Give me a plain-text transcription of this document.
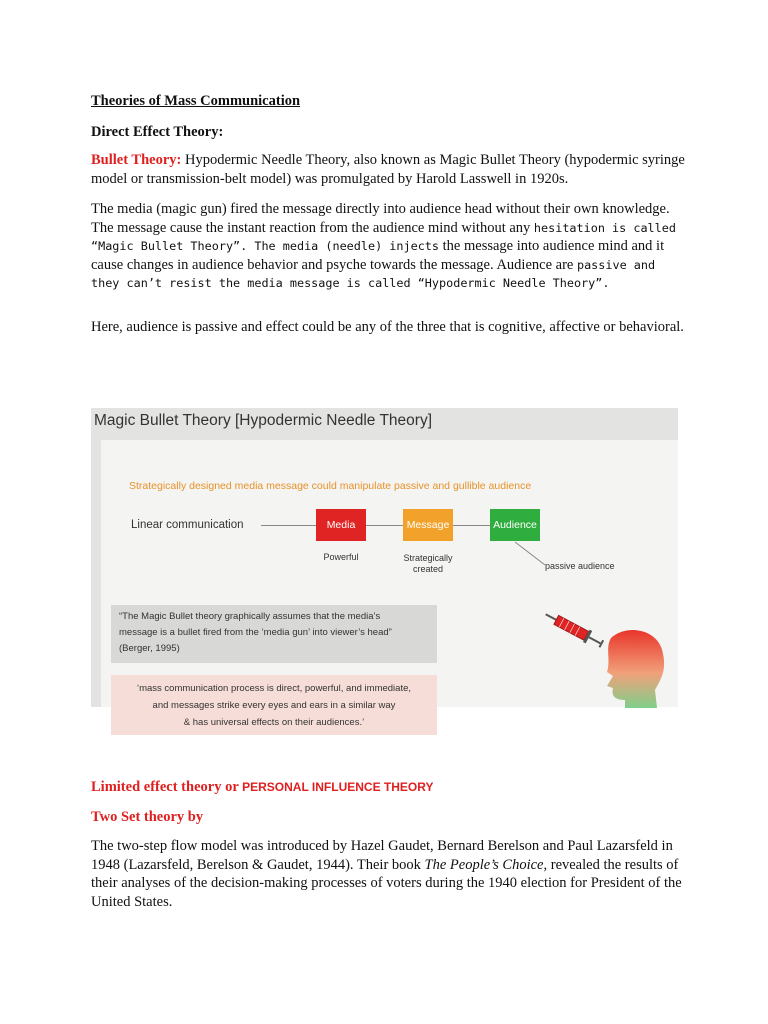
Theories of Mass Communication
Direct Effect Theory:
Bullet Theory: Hypodermic Needle Theory, also known as Magic Bullet Theory (hypodermic syringe model or transmission-belt model) was promulgated by Harold Lasswell in 1920s.
The media (magic gun) fired the message directly into audience head without their own knowledge. The message cause the instant reaction from the audience mind without any hesitation is called “Magic Bullet Theory”. The media (needle) injects the message into audience mind and it cause changes in audience behavior and psyche towards the message. Audience are passive and they can’t resist the media message is called “Hypodermic Needle Theory”.
Here, audience is passive and effect could be any of the three that is cognitive, affective or behavioral.
Magic Bullet Theory [Hypodermic Needle Theory]
Strategically designed media message could manipulate passive and gullible audience
Linear communication	Media	Message	Audience
Powerful	Strategically
created	passive audience
“The Magic Bullet theory graphically assumes that the media’s
message is a bullet fired from the ‘media gun’ into viewer’s head”
(Berger, 1995)
‘mass communication process is direct, powerful, and immediate,
and messages strike every eyes and ears in a similar way
& has universal effects on their audiences.’
Limited effect theory or PERSONAL INFLUENCE THEORY
Two Set theory by
The two-step flow model was introduced by Hazel Gaudet, Bernard Berelson and Paul Lazarsfeld in 1948 (Lazarsfeld, Berelson & Gaudet, 1944). Their book The People’s Choice, revealed the results of their analyses of the decision-making processes of voters during the 1940 election for President of the United States.
